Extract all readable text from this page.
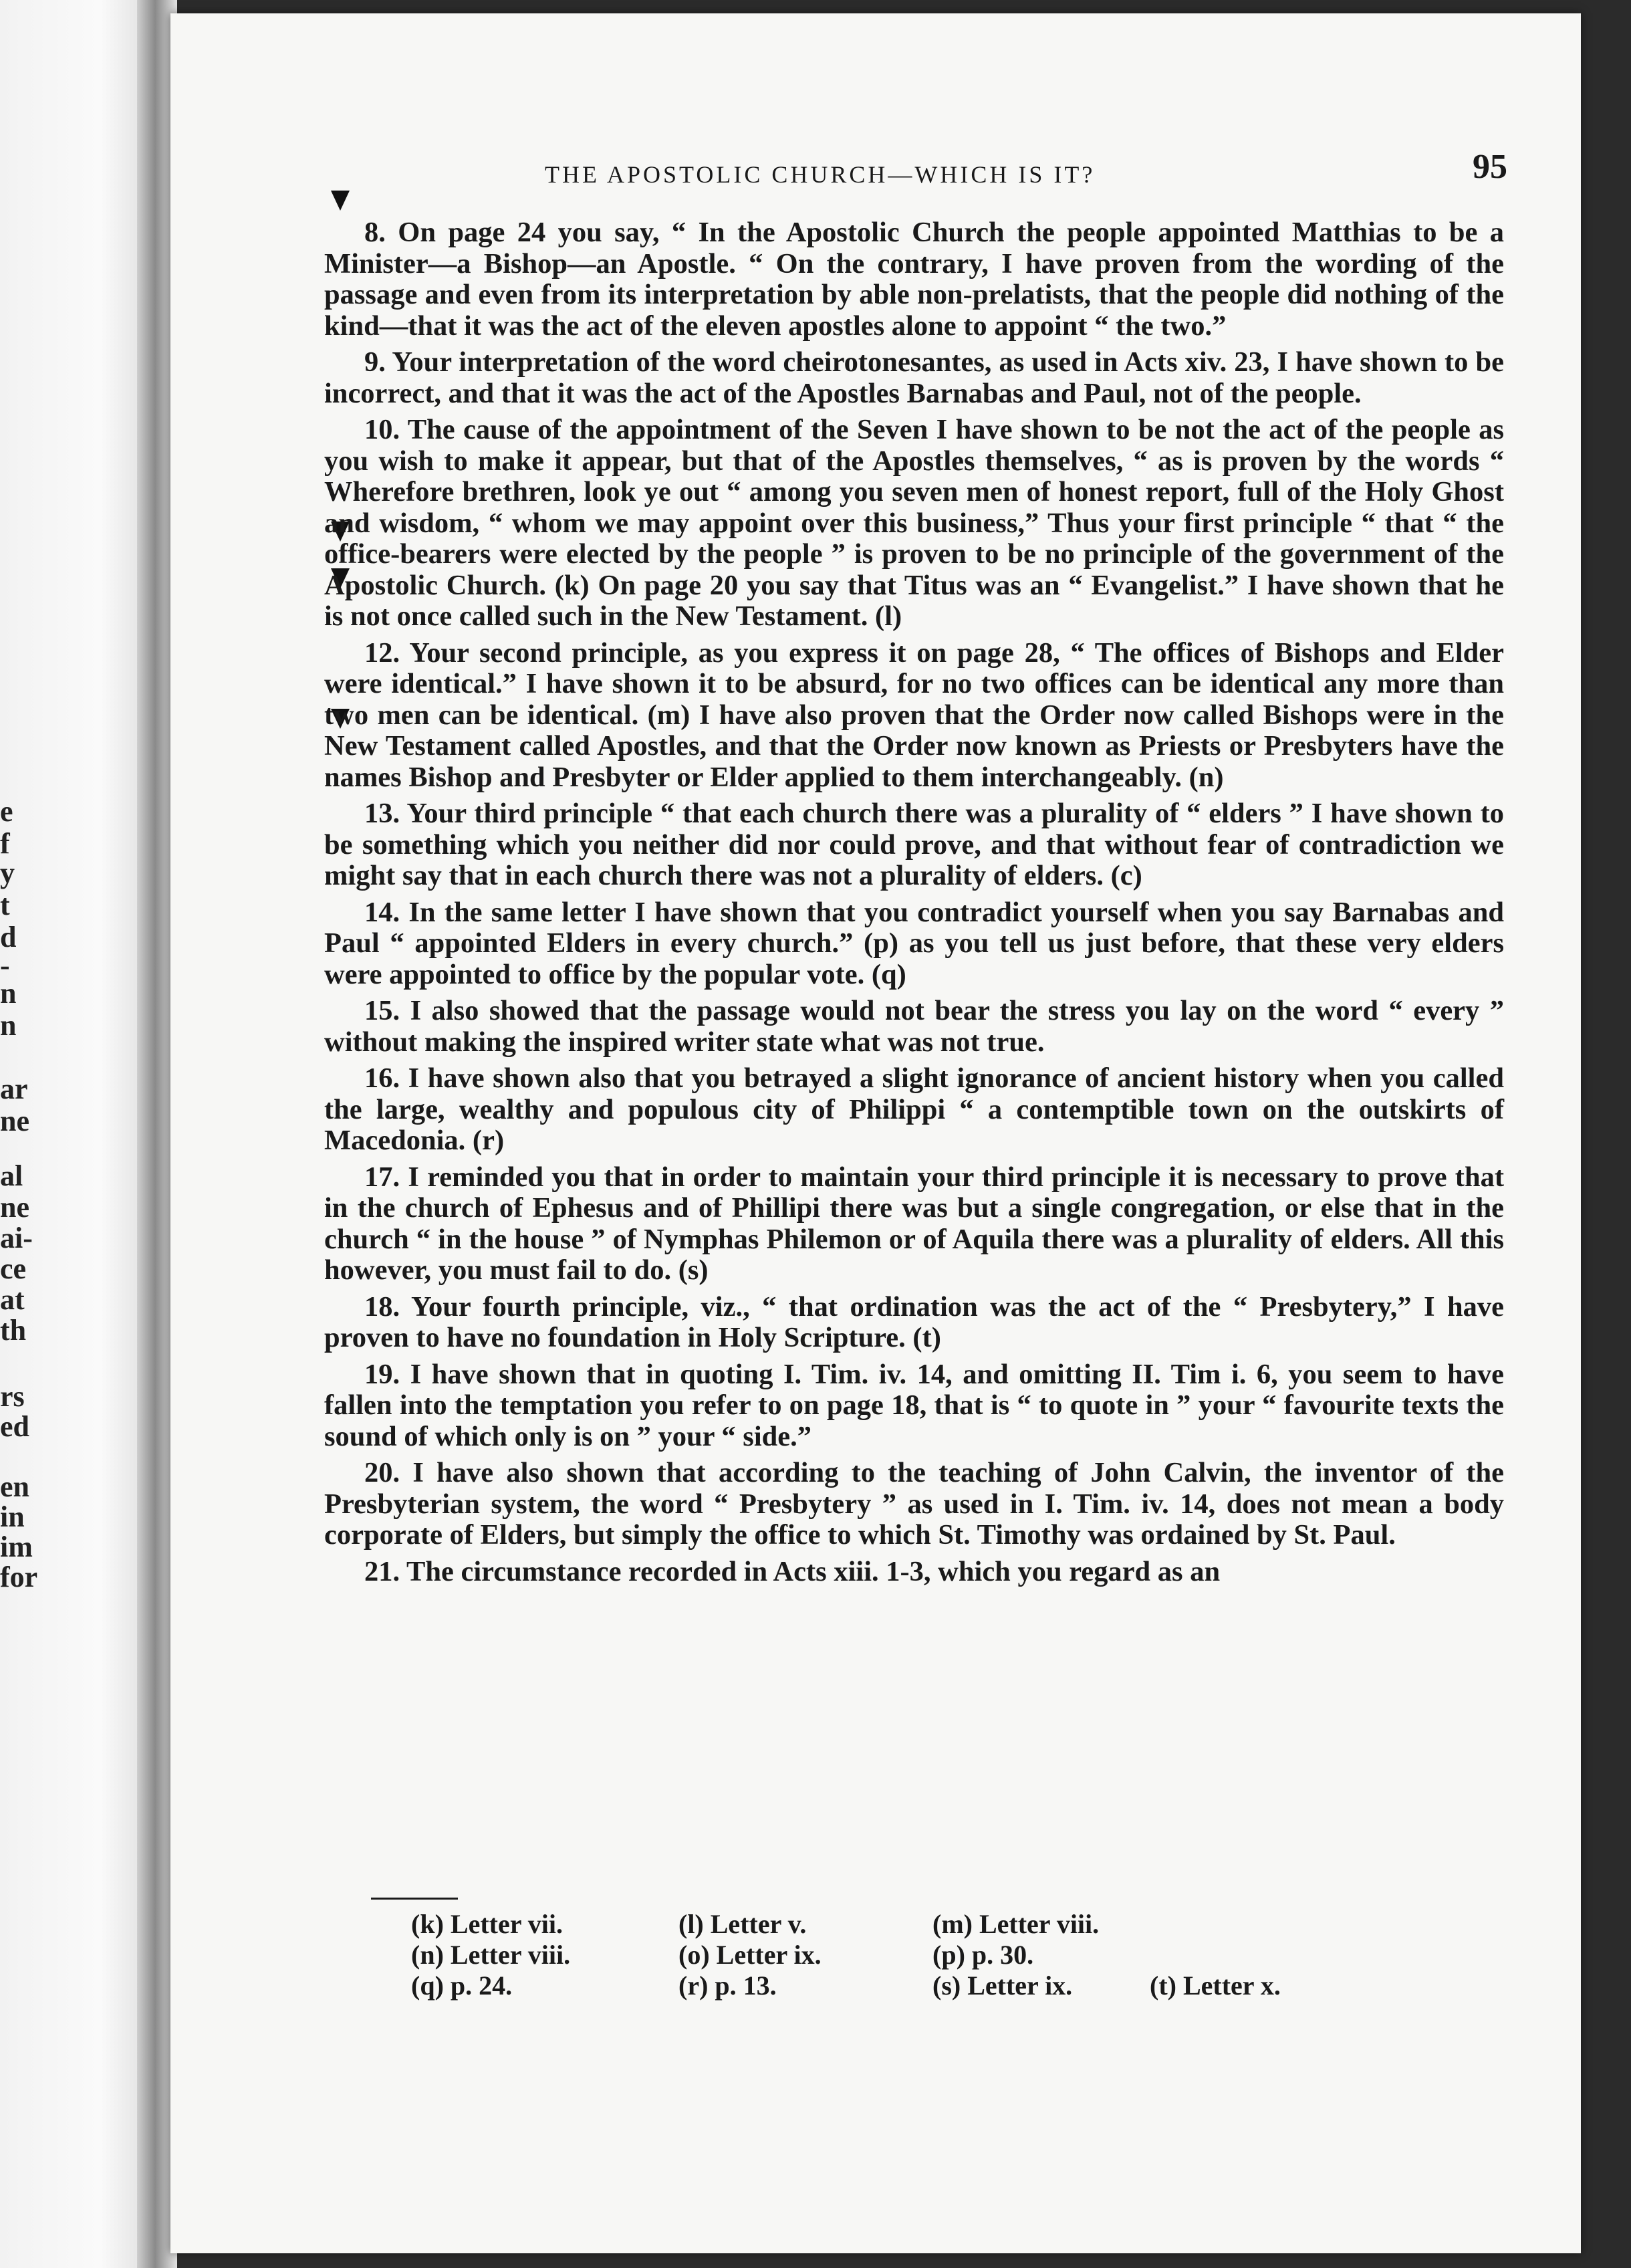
e
f
y
t
d
-
n
n
ar
ne
al
ne
ai-
ce
at
th
rs
ed
en
in
im
for
THE APOSTOLIC CHURCH—WHICH IS IT?	95

8. On page 24 you say, “ In the Apostolic Church the people appointed Matthias to be a Minister—a Bishop—an Apostle. “ On the contrary, I have proven from the wording of the passage and even from its interpretation by able non-prelatists, that the people did nothing of the kind—that it was the act of the eleven apostles alone to appoint “ the two.”

9. Your interpretation of the word cheirotonesantes, as used in Acts xiv. 23, I have shown to be incorrect, and that it was the act of the Apostles Barnabas and Paul, not of the people.

10. The cause of the appointment of the Seven I have shown to be not the act of the people as you wish to make it appear, but that of the Apostles themselves, “ as is proven by the words “ Wherefore brethren, look ye out “ among you seven men of honest report, full of the Holy Ghost and wisdom, “ whom we may appoint over this business,” Thus your first principle “ that “ the office-bearers were elected by the people ” is proven to be no principle of the government of the Apostolic Church. (k) On page 20 you say that Titus was an “ Evangelist.” I have shown that he is not once called such in the New Testament. (l)

12. Your second principle, as you express it on page 28, “ The offices of Bishops and Elder were identical.” I have shown it to be absurd, for no two offices can be identical any more than two men can be identical. (m) I have also proven that the Order now called Bishops were in the New Testament called Apostles, and that the Order now known as Priests or Presbyters have the names Bishop and Presbyter or Elder applied to them interchangeably. (n)

13. Your third principle “ that each church there was a plurality of “ elders ” I have shown to be something which you neither did nor could prove, and that without fear of contradiction we might say that in each church there was not a plurality of elders. (c)

14. In the same letter I have shown that you contradict yourself when you say Barnabas and Paul “ appointed Elders in every church.” (p) as you tell us just before, that these very elders were appointed to office by the popular vote. (q)

15. I also showed that the passage would not bear the stress you lay on the word “ every ” without making the inspired writer state what was not true.

16. I have shown also that you betrayed a slight ignorance of ancient history when you called the large, wealthy and populous city of Philippi “ a contemptible town on the outskirts of Macedonia. (r)

17. I reminded you that in order to maintain your third principle it is necessary to prove that in the church of Ephesus and of Phillipi there was but a single congregation, or else that in the church “ in the house ” of Nymphas Philemon or of Aquila there was a plurality of elders. All this however, you must fail to do. (s)

18. Your fourth principle, viz., “ that ordination was the act of the “ Presbytery,” I have proven to have no foundation in Holy Scripture. (t)

19. I have shown that in quoting I. Tim. iv. 14, and omitting II. Tim i. 6, you seem to have fallen into the temptation you refer to on page 18, that is “ to quote in ” your “ favourite texts the sound of which only is on ” your “ side.”

20. I have also shown that according to the teaching of John Calvin, the inventor of the Presbyterian system, the word “ Presbytery ” as used in I. Tim. iv. 14, does not mean a body corporate of Elders, but simply the office to which St. Timothy was ordained by St. Paul.

21. The circumstance recorded in Acts xiii. 1-3, which you regard as an

(k) Letter vii.	(l) Letter v.	(m) Letter viii.
(n) Letter viii.	(o) Letter ix.	(p) p. 30.
(q) p. 24.	(r) p. 13.	(s) Letter ix.	(t) Letter x.
